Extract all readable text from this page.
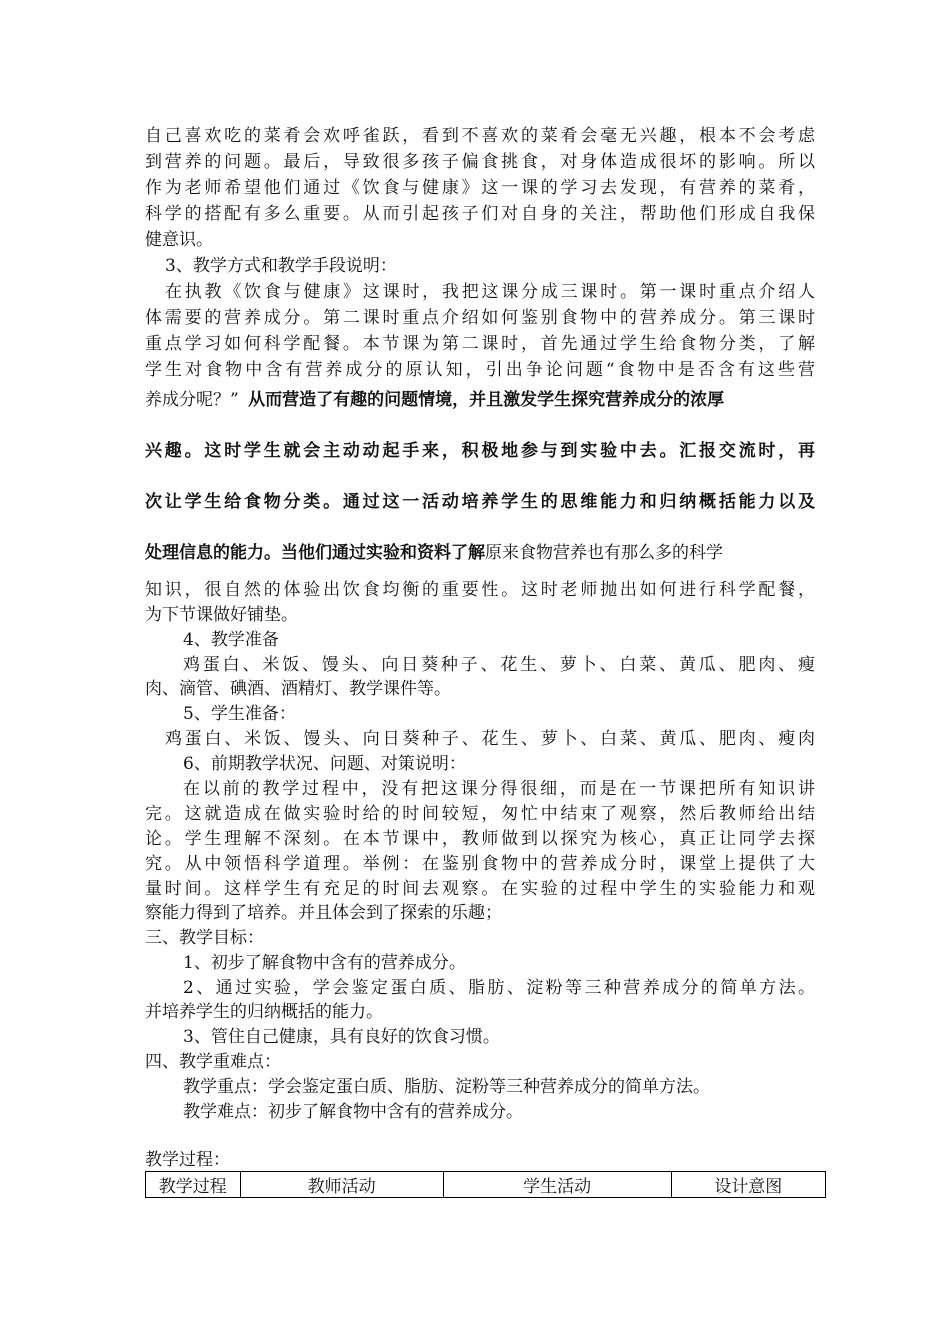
自己喜欢吃的菜肴会欢呼雀跃，看到不喜欢的菜肴会毫无兴趣，根本不会考虑
到营养的问题。最后，导致很多孩子偏食挑食，对身体造成很坏的影响。所以
作为老师希望他们通过《饮食与健康》这一课的学习去发现，有营养的菜肴，
科学的搭配有多么重要。从而引起孩子们对自身的关注，帮助他们形成自我保
健意识。
3、教学方式和教学手段说明：
在执教《饮食与健康》这课时，我把这课分成三课时。第一课时重点介绍人
体需要的营养成分。第二课时重点介绍如何鉴别食物中的营养成分。第三课时
重点学习如何科学配餐。本节课为第二课时，首先通过学生给食物分类，了解
学生对食物中含有营养成分的原认知，引出争论问题“食物中是否含有这些营
养成分呢？” 从而营造了有趣的问题情境，并且激发学生探究营养成分的浓厚
兴趣。这时学生就会主动动起手来，积极地参与到实验中去。汇报交流时，再
次让学生给食物分类。通过这一活动培养学生的思维能力和归纳概括能力以及
处理信息的能力。当他们通过实验和资料了解原来食物营养也有那么多的科学
知识，很自然的体验出饮食均衡的重要性。这时老师抛出如何进行科学配餐，
为下节课做好铺垫。
4、教学准备
鸡蛋白、米饭、馒头、向日葵种子、花生、萝卜、白菜、黄瓜、肥肉、瘦
肉、滴管、碘酒、酒精灯、教学课件等。
5、学生准备：
鸡蛋白、米饭、馒头、向日葵种子、花生、萝卜、白菜、黄瓜、肥肉、瘦肉
6、前期教学状况、问题、对策说明：
在以前的教学过程中，没有把这课分得很细，而是在一节课把所有知识讲
完。这就造成在做实验时给的时间较短，匆忙中结束了观察，然后教师给出结
论。学生理解不深刻。在本节课中，教师做到以探究为核心，真正让同学去探
究。从中领悟科学道理。举例：在鉴别食物中的营养成分时，课堂上提供了大
量时间。这样学生有充足的时间去观察。在实验的过程中学生的实验能力和观
察能力得到了培养。并且体会到了探索的乐趣；
三、教学目标：
1、初步了解食物中含有的营养成分。
2、通过实验，学会鉴定蛋白质、脂肪、淀粉等三种营养成分的简单方法。
并培养学生的归纳概括的能力。
3、管住自己健康，具有良好的饮食习惯。
四、教学重难点：
教学重点：学会鉴定蛋白质、脂肪、淀粉等三种营养成分的简单方法。
教学难点：初步了解食物中含有的营养成分。
教学过程：
教学过程	教师活动	学生活动	设计意图
